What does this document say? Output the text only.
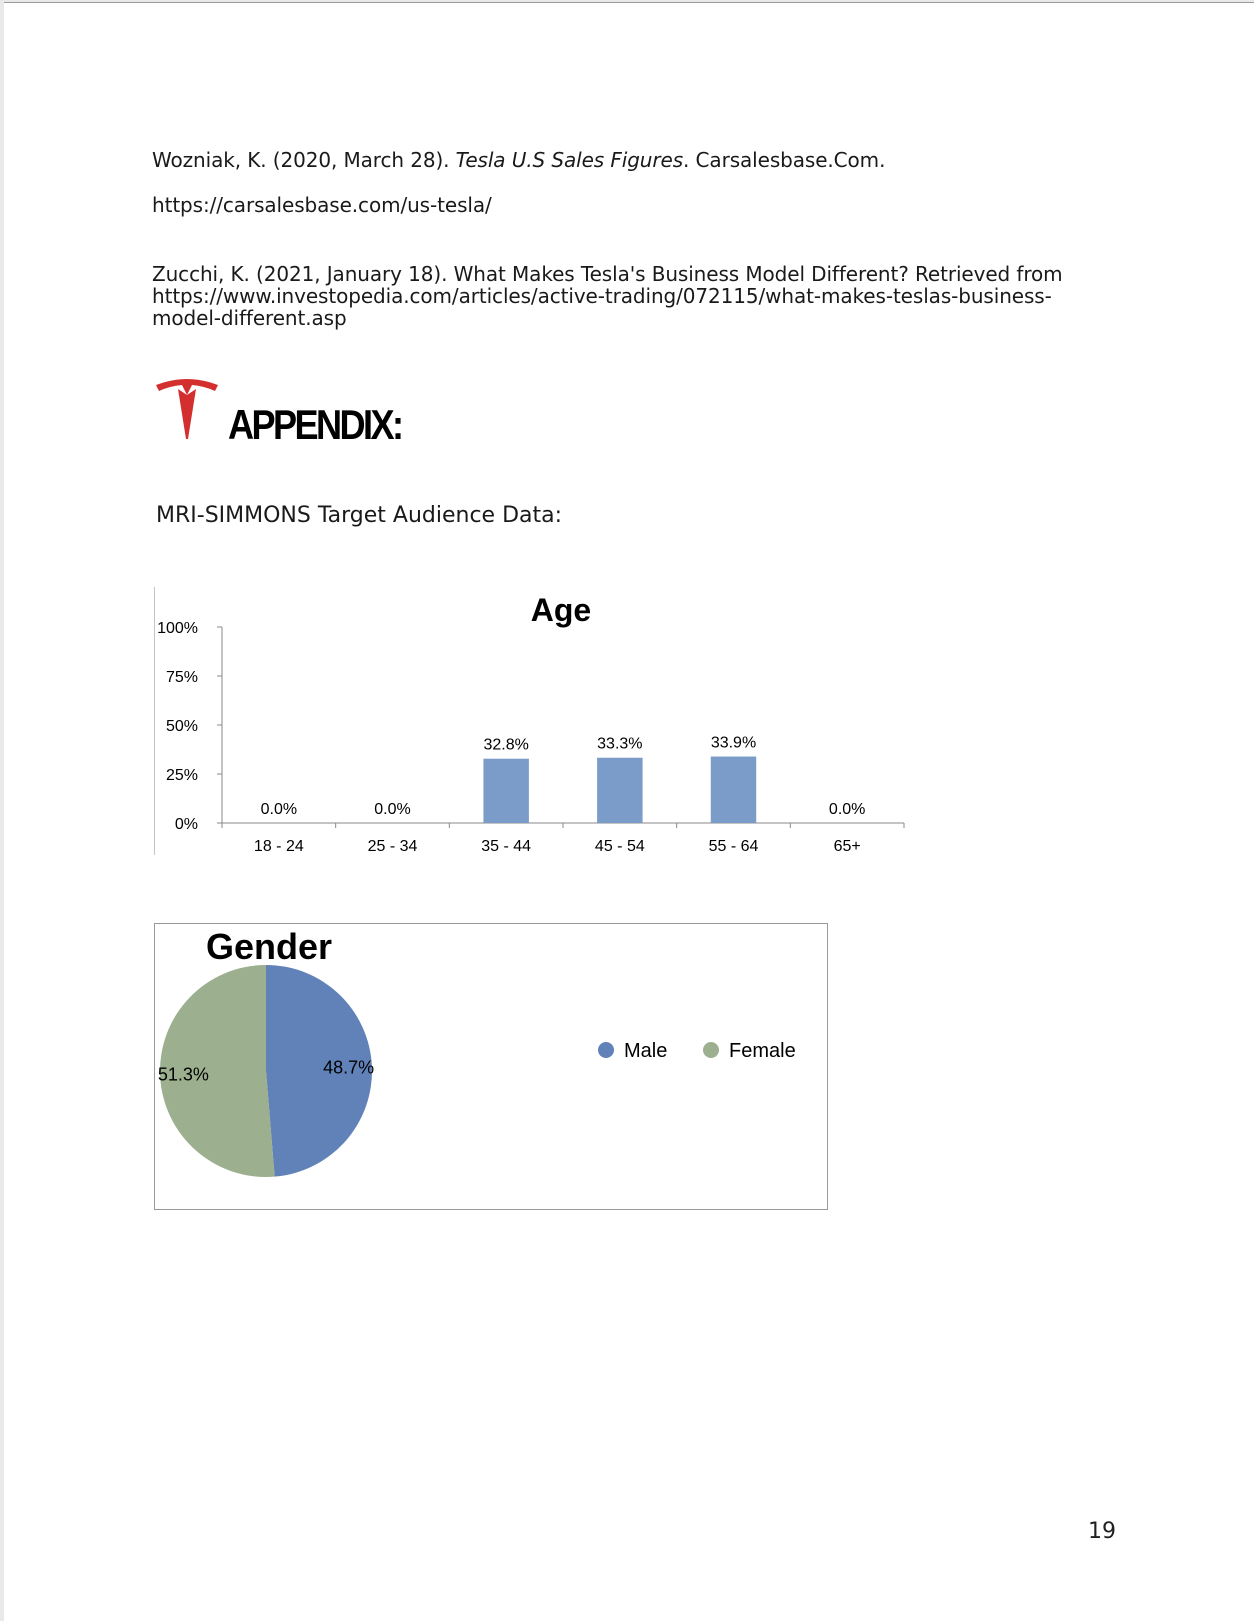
Wozniak, K. (2020, March 28). Tesla U.S Sales Figures. Carsalesbase.Com.
https://carsalesbase.com/us-tesla/
Zucchi, K. (2021, January 18). What Makes Tesla's Business Model Different? Retrieved from
https://www.investopedia.com/articles/active-trading/072115/what-makes-teslas-business-
model-different.asp
APPENDIX:
MRI-SIMMONS Target Audience Data:
Age
0%
25%
50%
75%
100%
18 - 24	25 - 34	35 - 44	45 - 54	55 - 64	65+
0.0%	0.0%
32.8%	33.3%	33.9%
0.0%
Gender
48.7%
51.3%
Male	Female
19
